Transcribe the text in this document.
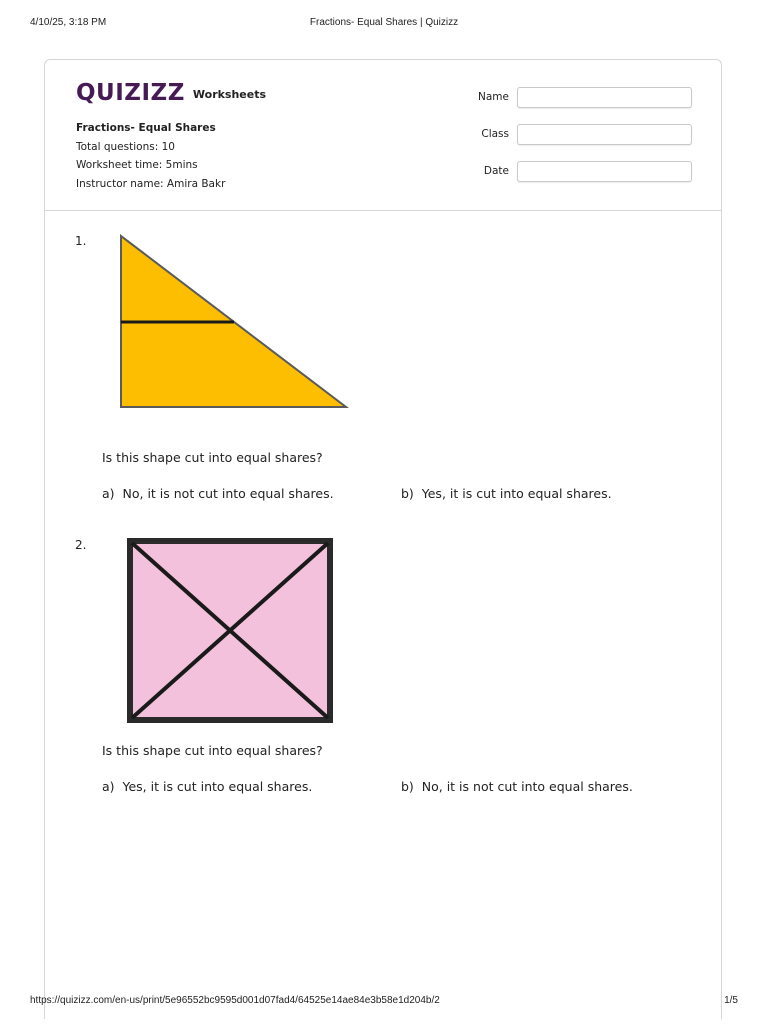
4/10/25, 3:18 PM	Fractions- Equal Shares | Quizizz
QUIZIZZ Worksheets
Fractions- Equal Shares
Total questions: 10
Worksheet time: 5mins
Instructor name: Amira Bakr
Name
Class
Date
1.
Is this shape cut into equal shares?
a) No, it is not cut into equal shares.	b) Yes, it is cut into equal shares.
2.
Is this shape cut into equal shares?
a) Yes, it is cut into equal shares.	b) No, it is not cut into equal shares.
https://quizizz.com/en-us/print/5e96552bc9595d001d07fad4/64525e14ae84e3b58e1d204b/2	1/5
